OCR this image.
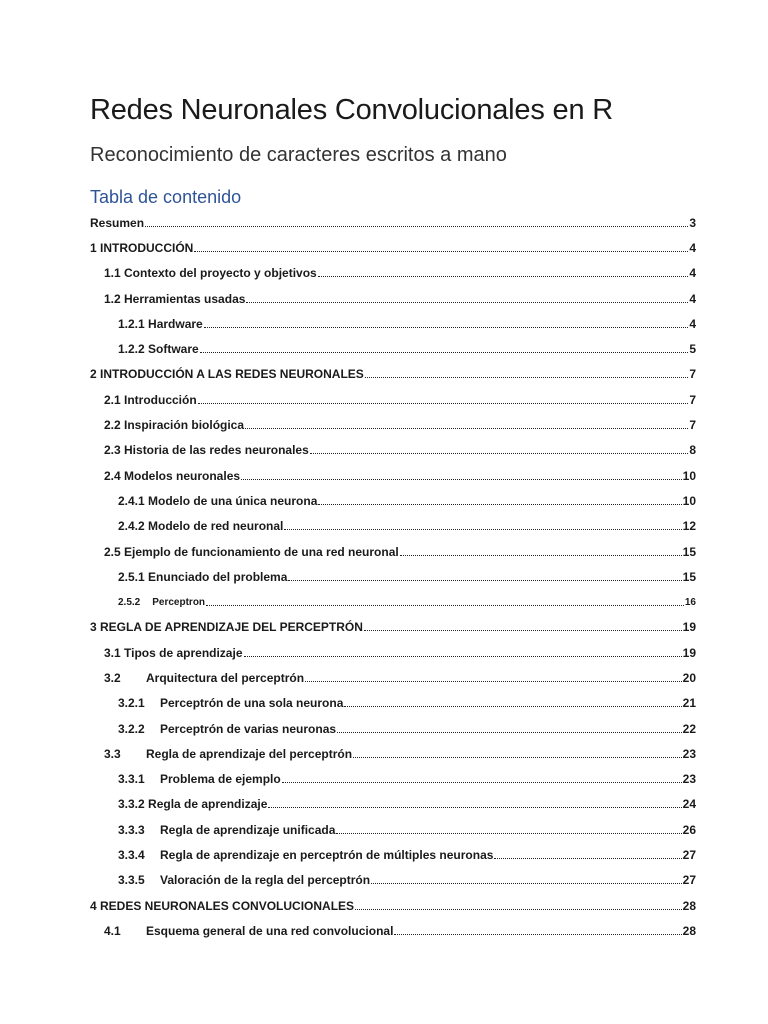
Redes Neuronales Convolucionales en R
Reconocimiento de caracteres escritos a mano
Tabla de contenido
Resumen	3
1 INTRODUCCIÓN	4
1.1 Contexto del proyecto y objetivos	4
1.2 Herramientas usadas	4
1.2.1 Hardware	4
1.2.2 Software	5
2 INTRODUCCIÓN A LAS REDES NEURONALES	7
2.1 Introducción	7
2.2 Inspiración biológica	7
2.3 Historia de las redes neuronales	8
2.4 Modelos neuronales	10
2.4.1 Modelo de una única neurona	10
2.4.2 Modelo de red neuronal	12
2.5 Ejemplo de funcionamiento de una red neuronal	15
2.5.1 Enunciado del problema	15
2.5.2 Perceptron	16
3 REGLA DE APRENDIZAJE DEL PERCEPTRÓN	19
3.1 Tipos de aprendizaje	19
3.2	Arquitectura del perceptrón	20
3.2.1	Perceptrón de una sola neurona	21
3.2.2	Perceptrón de varias neuronas	22
3.3	Regla de aprendizaje del perceptrón	23
3.3.1	Problema de ejemplo	23
3.3.2 Regla de aprendizaje	24
3.3.3	Regla de aprendizaje unificada	26
3.3.4	Regla de aprendizaje en perceptrón de múltiples neuronas	27
3.3.5	Valoración de la regla del perceptrón	27
4 REDES NEURONALES CONVOLUCIONALES	28
4.1	Esquema general de una red convolucional	28
